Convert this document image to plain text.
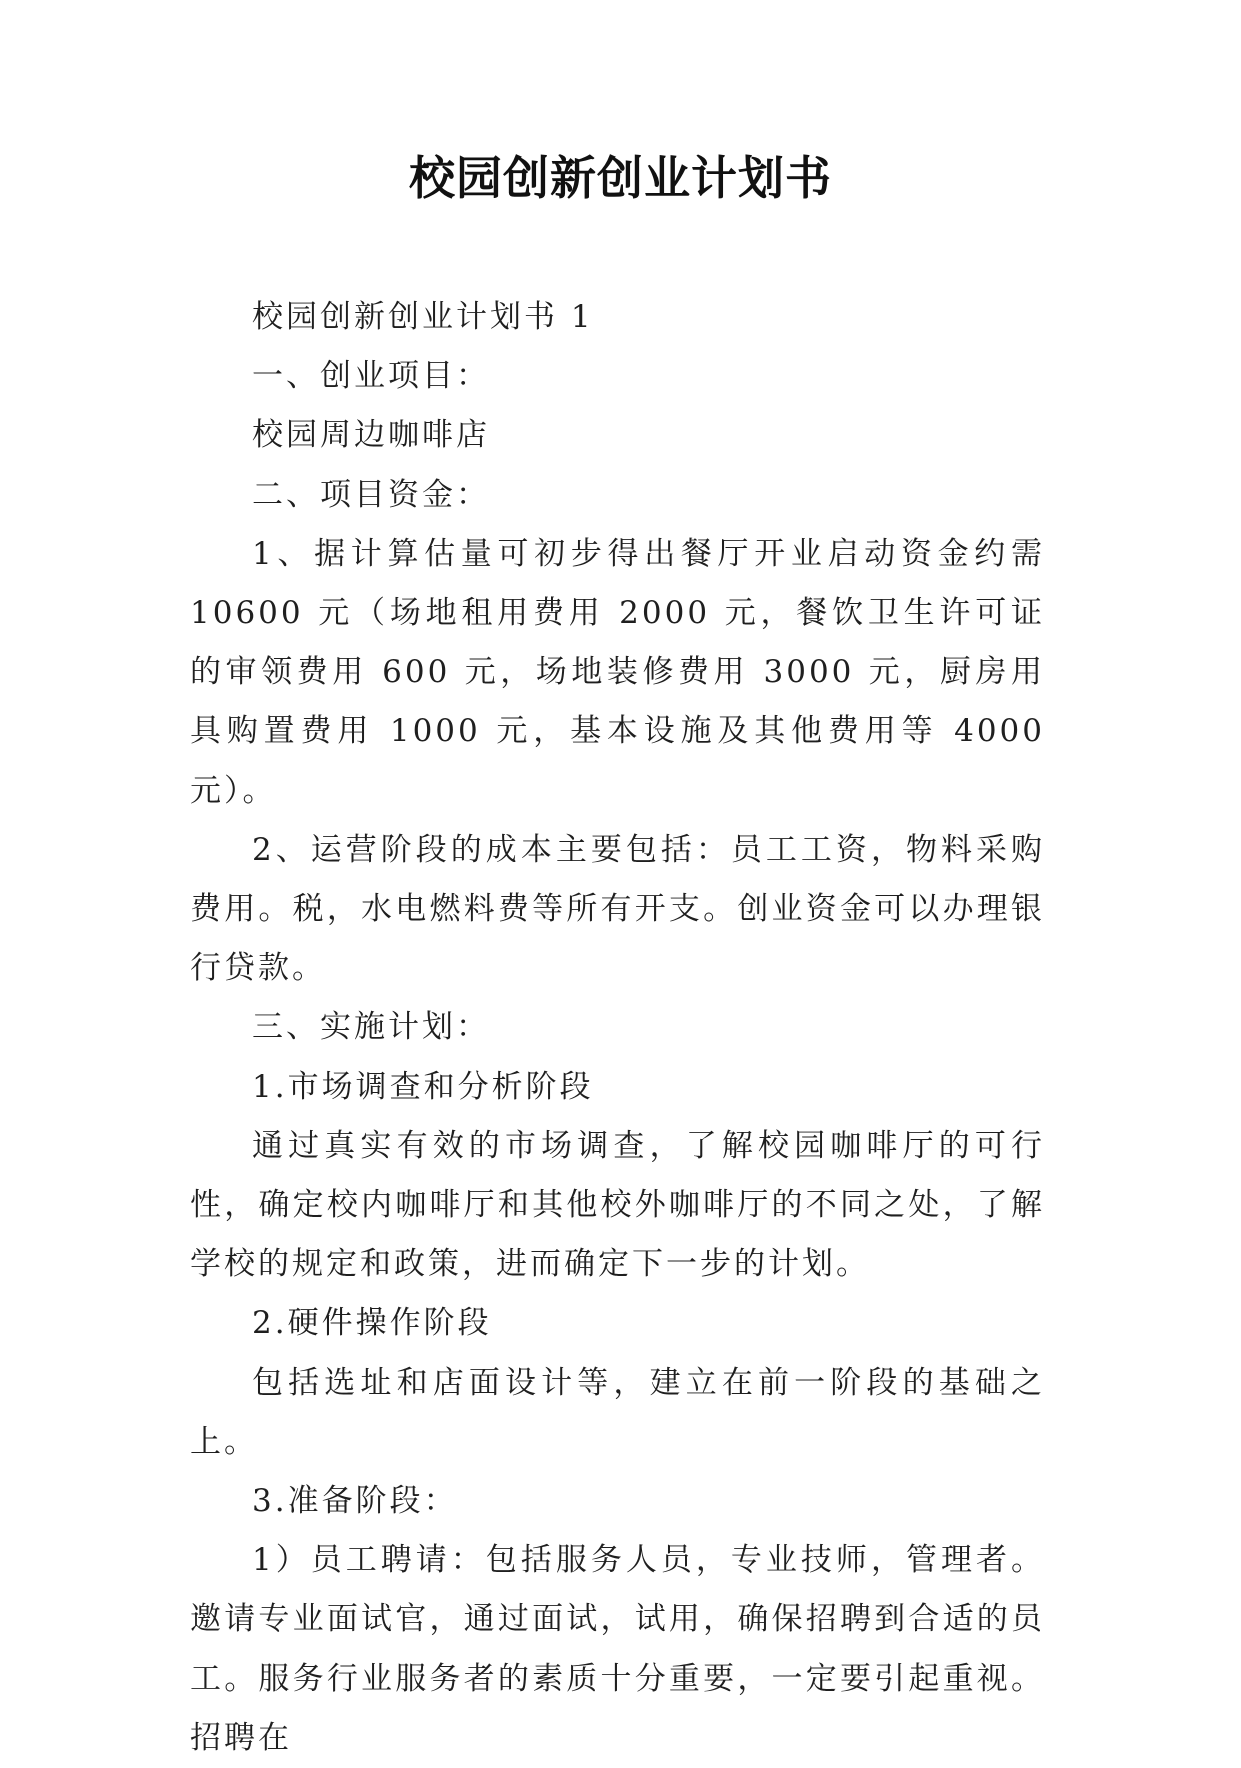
校园创新创业计划书

校园创新创业计划书 1

一、创业项目：

校园周边咖啡店

二、项目资金：

1、据计算估量可初步得出餐厅开业启动资金约需 10600 元（场地租用费用 2000 元，餐饮卫生许可证的审领费用 600 元，场地装修费用 3000 元，厨房用具购置费用 1000 元，基本设施及其他费用等 4000 元）。

2、运营阶段的成本主要包括：员工工资，物料采购费用。税，水电燃料费等所有开支。创业资金可以办理银行贷款。

三、实施计划：

1.市场调查和分析阶段

通过真实有效的市场调查，了解校园咖啡厅的可行性，确定校内咖啡厅和其他校外咖啡厅的不同之处，了解学校的规定和政策，进而确定下一步的计划。

2.硬件操作阶段

包括选址和店面设计等，建立在前一阶段的基础之上。

3.准备阶段：

1）员工聘请：包括服务人员，专业技师，管理者。邀请专业面试官，通过面试，试用，确保招聘到合适的员工。服务行业服务者的素质十分重要，一定要引起重视。招聘在
